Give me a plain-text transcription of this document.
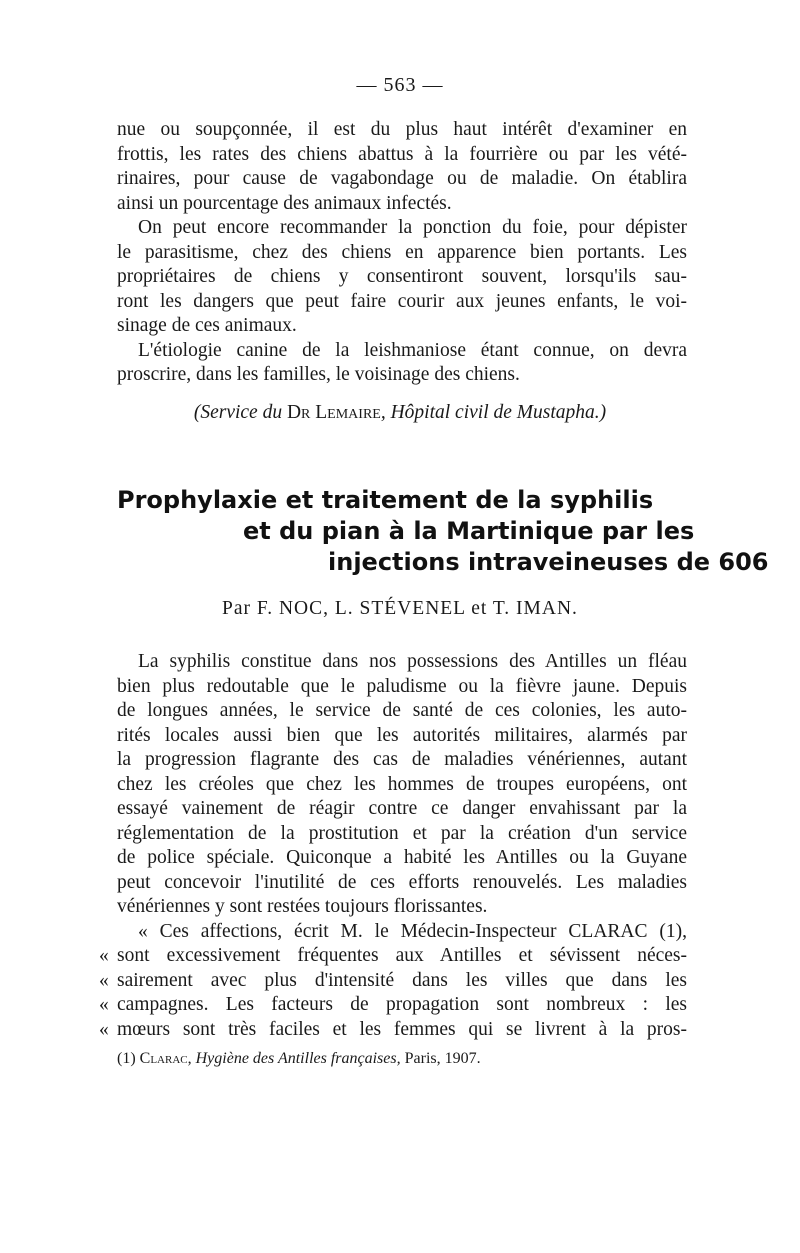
— 563 —

nue ou soupçonnée, il est du plus haut intérêt d'examiner en
frottis, les rates des chiens abattus à la fourrière ou par les vété-
rinaires, pour cause de vagabondage ou de maladie. On établira
ainsi un pourcentage des animaux infectés.

On peut encore recommander la ponction du foie, pour dépister
le parasitisme, chez des chiens en apparence bien portants. Les
propriétaires de chiens y consentiront souvent, lorsqu'ils sau-
ront les dangers que peut faire courir aux jeunes enfants, le voi-
sinage de ces animaux.

L'étiologie canine de la leishmaniose étant connue, on devra
proscrire, dans les familles, le voisinage des chiens.

(Service du Dr Lemaire, Hôpital civil de Mustapha.)
Prophylaxie et traitement de la syphilis
et du pian à la Martinique par les
injections intraveineuses de 606
Par F. NOC, L. STÉVENEL et T. IMAN.

La syphilis constitue dans nos possessions des Antilles un fléau
bien plus redoutable que le paludisme ou la fièvre jaune. Depuis
de longues années, le service de santé de ces colonies, les auto-
rités locales aussi bien que les autorités militaires, alarmés par
la progression flagrante des cas de maladies vénériennes, autant
chez les créoles que chez les hommes de troupes européens, ont
essayé vainement de réagir contre ce danger envahissant par la
réglementation de la prostitution et par la création d'un service
de police spéciale. Quiconque a habité les Antilles ou la Guyane
peut concevoir l'inutilité de ces efforts renouvelés. Les maladies
vénériennes y sont restées toujours florissantes.

« Ces affections, écrit M. le Médecin-Inspecteur CLARAC (1),
« sont excessivement fréquentes aux Antilles et sévissent néces-
« sairement avec plus d'intensité dans les villes que dans les
« campagnes. Les facteurs de propagation sont nombreux : les
« mœurs sont très faciles et les femmes qui se livrent à la pros-

(1) Clarac, Hygiène des Antilles françaises, Paris, 1907.
